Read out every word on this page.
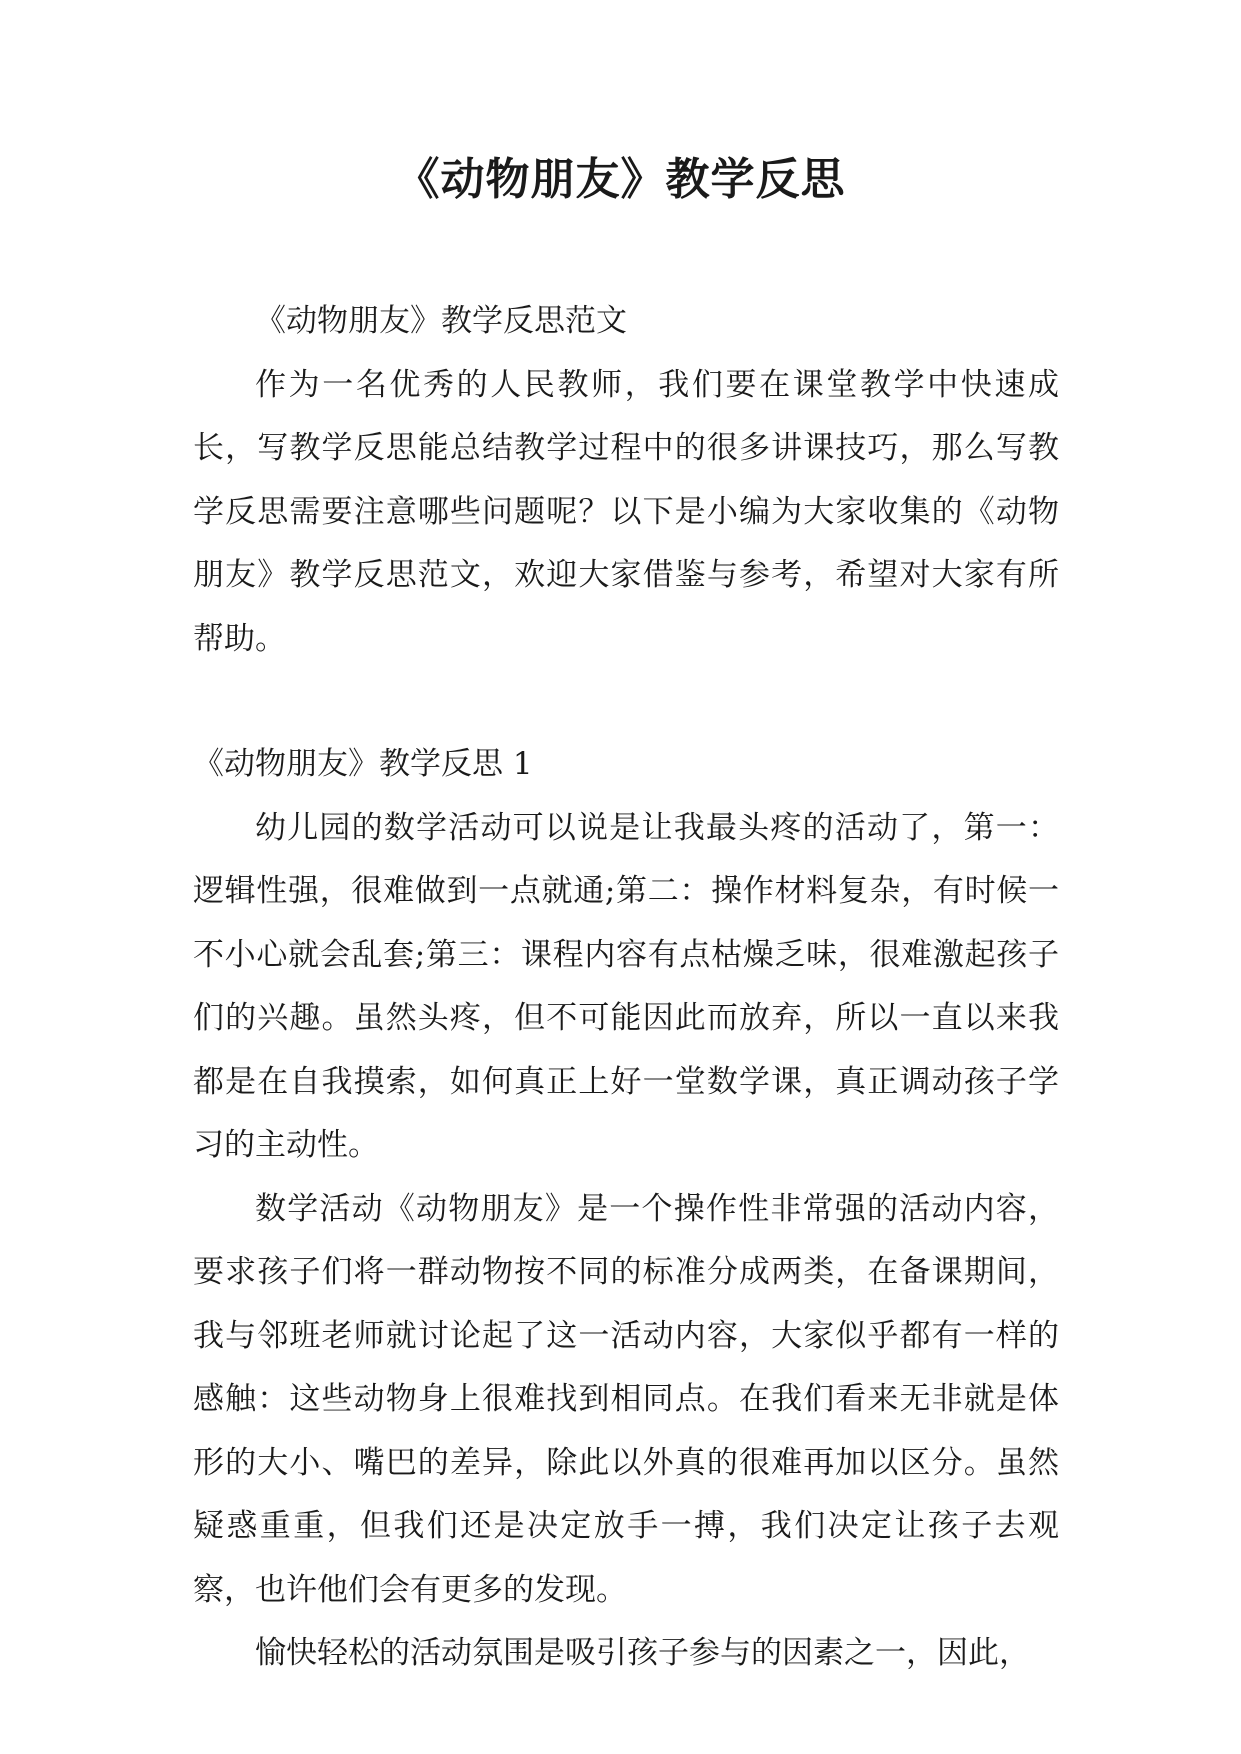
《动物朋友》教学反思

《动物朋友》教学反思范文

作为一名优秀的人民教师，我们要在课堂教学中快速成长，写教学反思能总结教学过程中的很多讲课技巧，那么写教学反思需要注意哪些问题呢？以下是小编为大家收集的《动物朋友》教学反思范文，欢迎大家借鉴与参考，希望对大家有所帮助。

《动物朋友》教学反思 1

幼儿园的数学活动可以说是让我最头疼的活动了，第一：逻辑性强，很难做到一点就通;第二：操作材料复杂，有时候一不小心就会乱套;第三：课程内容有点枯燥乏味，很难激起孩子们的兴趣。虽然头疼，但不可能因此而放弃，所以一直以来我都是在自我摸索，如何真正上好一堂数学课，真正调动孩子学习的主动性。

数学活动《动物朋友》是一个操作性非常强的活动内容，要求孩子们将一群动物按不同的标准分成两类，在备课期间，我与邻班老师就讨论起了这一活动内容，大家似乎都有一样的感触：这些动物身上很难找到相同点。在我们看来无非就是体形的大小、嘴巴的差异，除此以外真的很难再加以区分。虽然疑惑重重，但我们还是决定放手一搏，我们决定让孩子去观察，也许他们会有更多的发现。

愉快轻松的活动氛围是吸引孩子参与的因素之一，因此，
